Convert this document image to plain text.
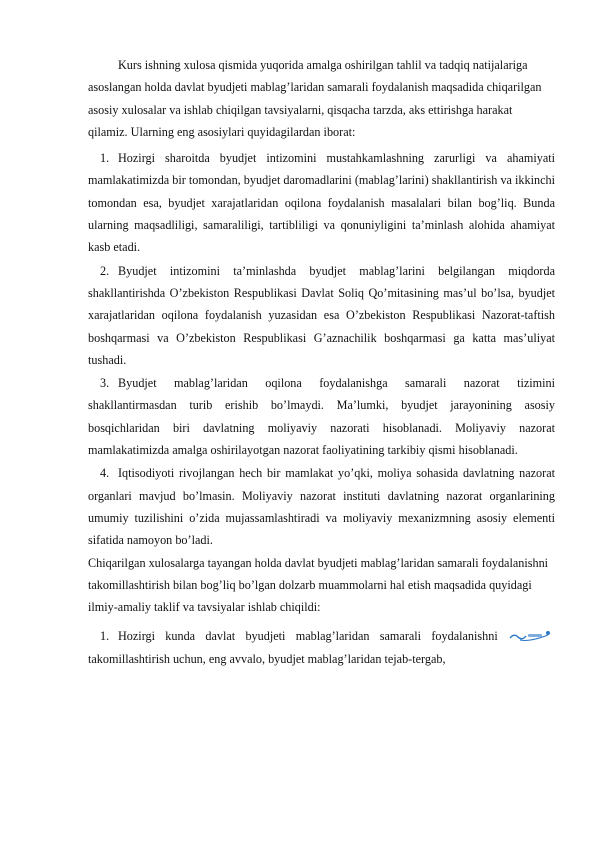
Kurs ishning xulosa qismida yuqorida amalga oshirilgan tahlil va tadqiq natijalariga asoslangan holda davlat byudjeti mablag’laridan samarali foydalanish maqsadida chiqarilgan asosiy xulosalar va ishlab chiqilgan tavsiyalarni, qisqacha tarzda, aks ettirishga harakat qilamiz. Ularning eng asosiylari quyidagilardan iborat:

1. Hozirgi sharoitda byudjet intizomini mustahkamlashning zarurligi va ahamiyati mamlakatimizda bir tomondan, byudjet daromadlarini (mablag’larini) shakllantirish va ikkinchi tomondan esa, byudjet xarajatlaridan oqilona foydalanish masalalari bilan bog’liq. Bunda ularning maqsadliligi, samaraliligi, tartibliligi va qonuniyligini ta’minlash alohida ahamiyat kasb etadi.
2. Byudjet intizomini ta’minlashda byudjet mablag’larini belgilangan miqdorda shakllantirishda O’zbekiston Respublikasi Davlat Soliq Qo’mitasining mas’ul bo’lsa, byudjet xarajatlaridan oqilona foydalanish yuzasidan esa O’zbekiston Respublikasi Nazorat-taftish boshqarmasi va O’zbekiston Respublikasi G’aznachilik boshqarmasi ga katta mas’uliyat tushadi.
3. Byudjet mablag’laridan oqilona foydalanishga samarali nazorat tizimini shakllantirmasdan turib erishib bo’lmaydi. Ma’lumki, byudjet jarayonining asosiy bosqichlaridan biri davlatning moliyaviy nazorati hisoblanadi. Moliyaviy nazorat mamlakatimizda amalga oshirilayotgan nazorat faoliyatining tarkibiy qismi hisoblanadi.
4. Iqtisodiyoti rivojlangan hech bir mamlakat yo’qki, moliya sohasida davlatning nazorat organlari mavjud bo’lmasin. Moliyaviy nazorat instituti davlatning nazorat organlarining umumiy tuzilishini o’zida mujassamlashtiradi va moliyaviy mexanizmning asosiy elementi sifatida namoyon bo’ladi.

Chiqarilgan xulosalarga tayangan holda davlat byudjeti mablag’laridan samarali foydalanishni takomillashtirish bilan bog’liq bo’lgan dolzarb muammolarni hal etish maqsadida quyidagi ilmiy-amaliy taklif va tavsiyalar ishlab chiqildi:

1. Hozirgi kunda davlat byudjeti mablag’laridan samarali foydalanishni  takomillashtirish uchun, eng avvalo, byudjet mablag’laridan tejab-tergab,
